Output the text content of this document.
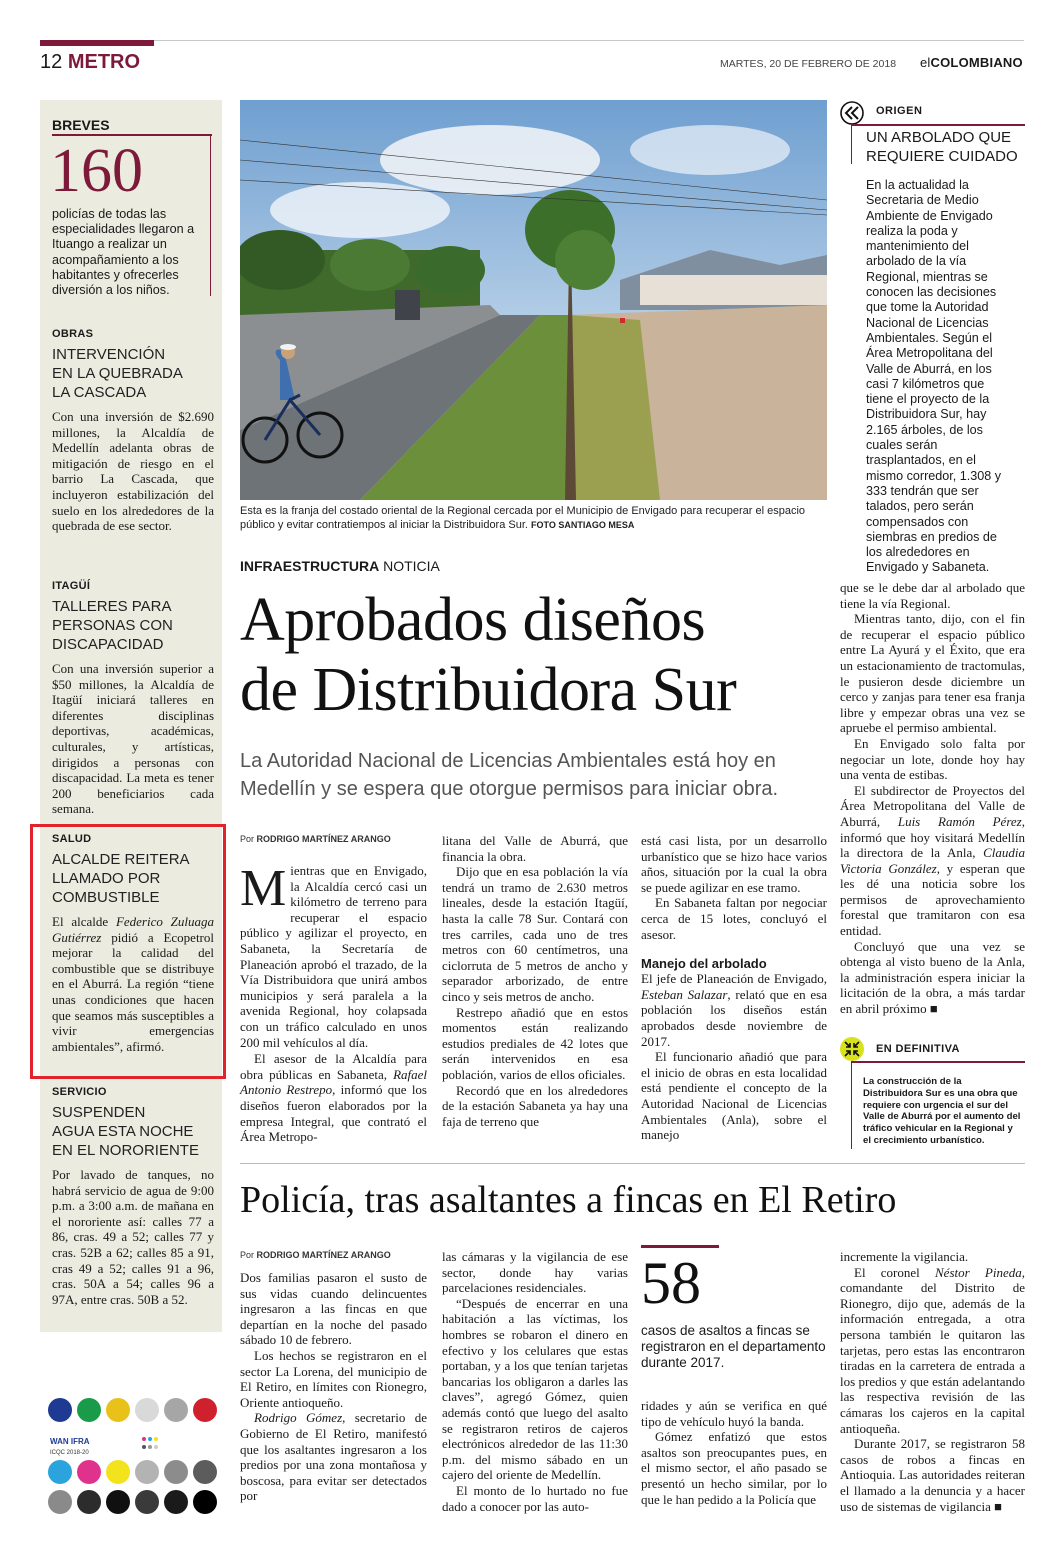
12 METRO	MARTES, 20 DE FEBRERO DE 2018 elCOLOMBIANO
BREVES
160
policías de todas las especialidades llegaron a Ituango a realizar un acompañamiento a los habitantes y ofrecerles diversión a los niños.
OBRAS
INTERVENCIÓN
EN LA QUEBRADA
LA CASCADA
Con una inversión de $2.690 millones, la Alcaldía de Medellín adelanta obras de mitigación de riesgo en el barrio La Cascada, que incluyeron estabilización del suelo en los alrededores de la quebrada de ese sector.
ITAGÜÍ
TALLERES PARA
PERSONAS CON
DISCAPACIDAD
Con una inversión superior a $50 millones, la Alcaldía de Itagüí iniciará talleres en diferentes disciplinas deportivas, académicas, culturales, y artísticas, dirigidos a personas con discapacidad. La meta es tener 200 beneficiarios cada semana.
SALUD
ALCALDE REITERA
LLAMADO POR
COMBUSTIBLE
El alcalde Federico Zuluaga Gutiérrez pidió a Ecopetrol mejorar la calidad del combustible que se distribuye en el Aburrá. La región “tiene unas condiciones que hacen que seamos más susceptibles a vivir emergencias ambientales”, afirmó.
SERVICIO
SUSPENDEN
AGUA ESTA NOCHE
EN EL NORORIENTE
Por lavado de tanques, no habrá servicio de agua de 9:00 p.m. a 3:00 a.m. de mañana en el nororiente así: calles 77 a 86, cras. 49 a 52; calles 77 y cras. 52B a 62; calles 85 a 91, cras 49 a 52; calles 91 a 96, cras. 50A a 54; calles 96 a 97A, entre cras. 50B a 52.
Esta es la franja del costado oriental de la Regional cercada por el Municipio de Envigado para recuperar el espacio público y evitar contratiempos al iniciar la Distribuidora Sur. FOTO SANTIAGO MESA
ORIGEN
UN ARBOLADO QUE
REQUIERE CUIDADO
En la actualidad la Secretaria de Medio Ambiente de Envigado realiza la poda y mantenimiento del arbolado de la vía Regional, mientras se conocen las decisiones que tome la Autoridad Nacional de Licencias Ambientales. Según el Área Metropolitana del Valle de Aburrá, en los casi 7 kilómetros que tiene el proyecto de la Distribuidora Sur, hay 2.165 árboles, de los cuales serán trasplantados, en el mismo corredor, 1.308 y 333 tendrán que ser talados, pero serán compensados con siembras en predios de los alrededores en Envigado y Sabaneta.
INFRAESTRUCTURA NOTICIA
Aprobados diseños
de Distribuidora Sur
La Autoridad Nacional de Licencias Ambientales está hoy en Medellín y se espera que otorgue permisos para iniciar obra.
Por RODRIGO MARTÍNEZ ARANGO
Mientras que en Envigado, la Alcaldía cercó casi un kilómetro de terreno para recuperar el espacio público y agilizar el proyecto, en Sabaneta, la Secretaría de Planeación aprobó el trazado, de la Vía Distribuidora que unirá ambos municipios y será paralela a la avenida Regional, hoy colapsada con un tráfico calculado en unos 200 mil vehículos al día.
El asesor de la Alcaldía para obra públicas en Sabaneta, Rafael Antonio Restrepo, informó que los diseños fueron elaborados por la empresa Integral, que contrató el Área Metropo-
litana del Valle de Aburrá, que financia la obra.
Dijo que en esa población la vía tendrá un tramo de 2.630 metros lineales, desde la estación Itagüí, hasta la calle 78 Sur. Contará con tres carriles, cada uno de tres metros con 60 centímetros, una ciclorruta de 5 metros de ancho y separador arborizado, de entre cinco y seis metros de ancho.
Restrepo añadió que en estos momentos están realizando estudios prediales de 42 lotes que serán intervenidos en esa población, varios de ellos oficiales.
Recordó que en los alrededores de la estación Sabaneta ya hay una faja de terreno que
está casi lista, por un desarrollo urbanístico que se hizo hace varios años, situación por la cual la obra se puede agilizar en ese tramo.
En Sabaneta faltan por negociar cerca de 15 lotes, concluyó el asesor.
Manejo del arbolado
El jefe de Planeación de Envigado, Esteban Salazar, relató que en esa población los diseños están aprobados desde noviembre de 2017.
El funcionario añadió que para el inicio de obras en esta localidad está pendiente el concepto de la Autoridad Nacional de Licencias Ambientales (Anla), sobre el manejo
que se le debe dar al arbolado que tiene la vía Regional.
Mientras tanto, dijo, con el fin de recuperar el espacio público entre La Ayurá y el Éxito, que era un estacionamiento de tractomulas, le pusieron desde diciembre un cerco y zanjas para tener esa franja libre y empezar obras una vez se apruebe el permiso ambiental.
En Envigado solo falta por negociar un lote, donde hoy hay una venta de estibas.
El subdirector de Proyectos del Área Metropolitana del Valle de Aburrá, Luis Ramón Pérez, informó que hoy visitará Medellín la directora de la Anla, Claudia Victoria González, y esperan que les dé una noticia sobre los permisos de aprovechamiento forestal que tramitaron con esa entidad.
Concluyó que una vez se obtenga al visto bueno de la Anla, la administración espera iniciar la licitación de la obra, a más tardar en abril próximo ■
EN DEFINITIVA
La construcción de la Distribuidora Sur es una obra que requiere con urgencia el sur del Valle de Aburrá por el aumento del tráfico vehicular en la Regional y el crecimiento urbanístico.
Policía, tras asaltantes a fincas en El Retiro
Por RODRIGO MARTÍNEZ ARANGO
Dos familias pasaron el susto de sus vidas cuando delincuentes ingresaron a las fincas en que departían en la noche del pasado sábado 10 de febrero.
Los hechos se registraron en el sector La Lorena, del municipio de El Retiro, en límites con Rionegro, Oriente antioqueño.
Rodrigo Gómez, secretario de Gobierno de El Retiro, manifestó que los asaltantes ingresaron a los predios por una zona montañosa y boscosa, para evitar ser detectados por
las cámaras y la vigilancia de ese sector, donde hay varias parcelaciones residenciales.
“Después de encerrar en una habitación a las víctimas, los hombres se robaron el dinero en efectivo y los celulares que estas portaban, y a los que tenían tarjetas bancarias los obligaron a darles las claves”, agregó Gómez, quien además contó que luego del asalto se registraron retiros de cajeros electrónicos alrededor de las 11:30 p.m. del mismo sábado en un cajero del oriente de Medellín.
El monto de lo hurtado no fue dado a conocer por las auto-
58
casos de asaltos a fincas se registraron en el departamento durante 2017.
ridades y aún se verifica en qué tipo de vehículo huyó la banda.
Gómez enfatizó que estos asaltos son preocupantes pues, en el mismo sector, el año pasado se presentó un hecho similar, por lo que le han pedido a la Policía que
incremente la vigilancia.
El coronel Néstor Pineda, comandante del Distrito de Rionegro, dijo que, además de la información entregada, a otra persona también le quitaron las tarjetas, pero estas las encontraron tiradas en la carretera de entrada a los predios y que están adelantando las respectiva revisión de las cámaras los cajeros en la capital antioqueña.
Durante 2017, se registraron 58 casos de robos a fincas en Antioquia. Las autoridades reiteran el llamado a la denuncia y a hacer uso de sistemas de vigilancia ■
WAN IFRA
ICQC 2018-20
